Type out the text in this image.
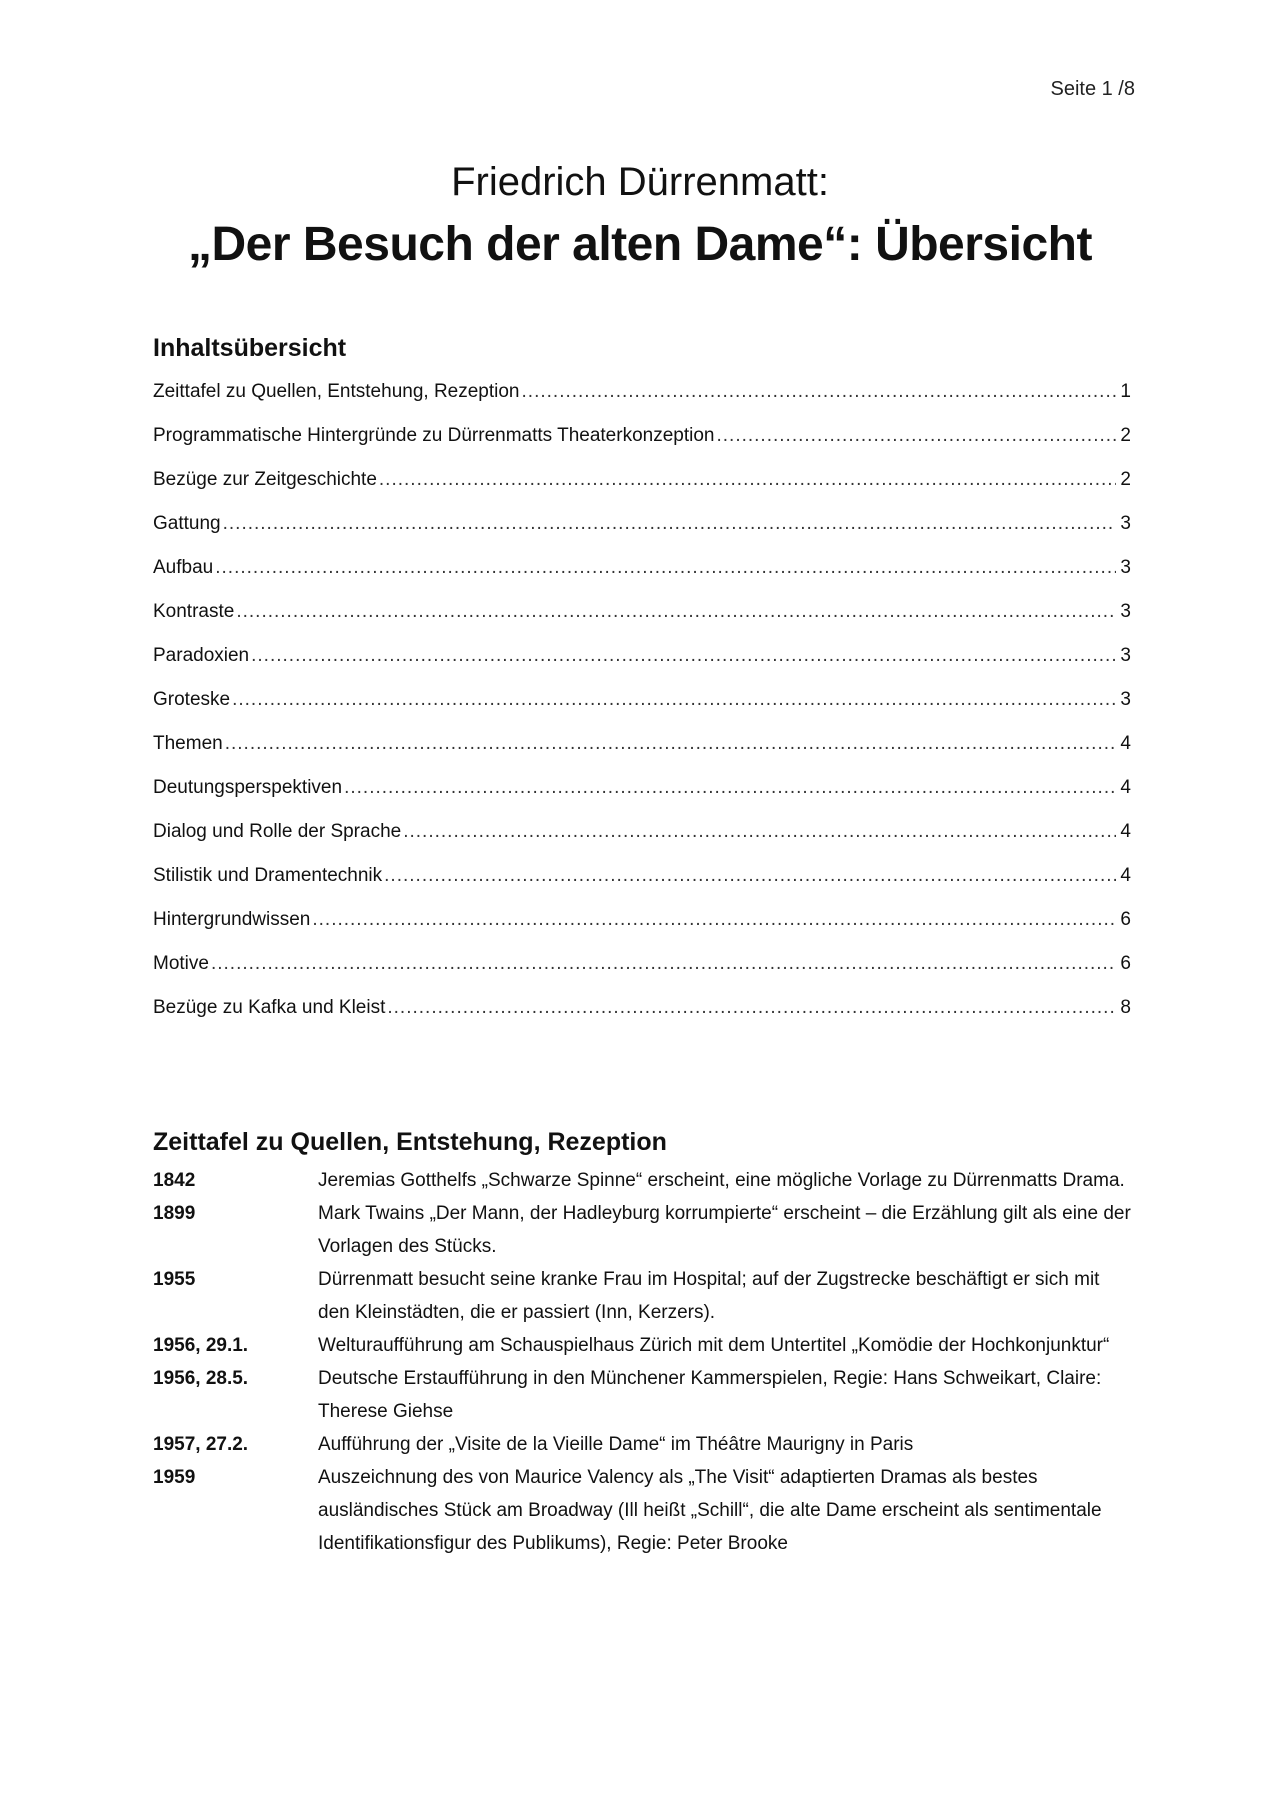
Seite 1 /8
Friedrich Dürrenmatt:
„Der Besuch der alten Dame“: Übersicht
Inhaltsübersicht
Zeittafel zu Quellen, Entstehung, Rezeption .....	1
Programmatische Hintergründe zu Dürrenmatts Theaterkonzeption .....	2
Bezüge zur Zeitgeschichte .....	2
Gattung .....	3
Aufbau .....	3
Kontraste .....	3
Paradoxien .....	3
Groteske .....	3
Themen .....	4
Deutungsperspektiven .....	4
Dialog und Rolle der Sprache .....	4
Stilistik und Dramentechnik .....	4
Hintergrundwissen .....	6
Motive .....	6
Bezüge zu Kafka und Kleist .....	8
Zeittafel zu Quellen, Entstehung, Rezeption
1842	Jeremias Gotthelfs „Schwarze Spinne“ erscheint, eine mögliche Vorlage zu Dürrenmatts Drama.
1899	Mark Twains „Der Mann, der Hadleyburg korrumpierte“ erscheint – die Erzählung gilt als eine der Vorlagen des Stücks.
1955	Dürrenmatt besucht seine kranke Frau im Hospital; auf der Zugstrecke beschäftigt er sich mit den Kleinstädten, die er passiert (Inn, Kerzers).
1956, 29.1.	Welturaufführung am Schauspielhaus Zürich mit dem Untertitel „Komödie der Hochkonjunktur“
1956, 28.5.	Deutsche Erstaufführung in den Münchener Kammerspielen, Regie: Hans Schweikart, Claire: Therese Giehse
1957, 27.2.	Aufführung der „Visite de la Vieille Dame“ im Théâtre Maurigny in Paris
1959	Auszeichnung des von Maurice Valency als „The Visit“ adaptierten Dramas als bestes ausländisches Stück am Broadway (Ill heißt „Schill“, die alte Dame erscheint als sentimentale Identifikationsfigur des Publikums), Regie: Peter Brooke
